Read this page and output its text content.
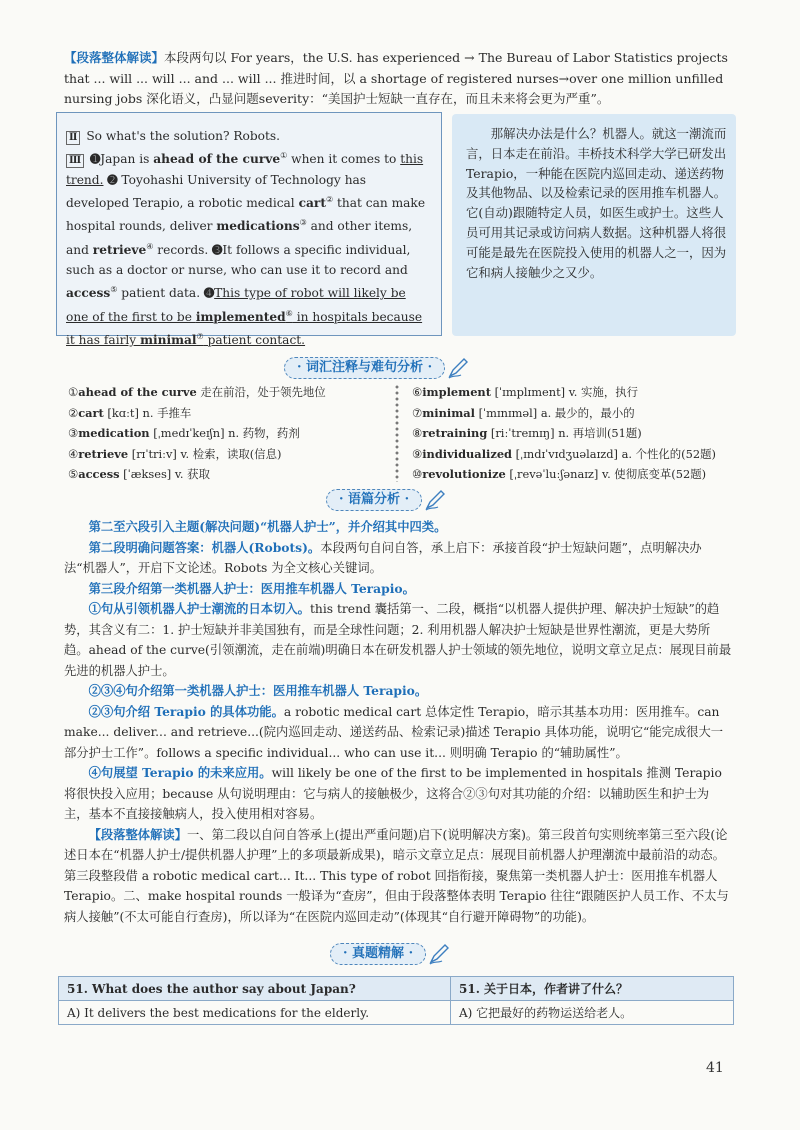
【段落整体解读】本段两句以 For years，the U.S. has experienced → The Bureau of Labor Statistics projects that ... will ... will ... and ... will ... 推进时间，以 a shortage of registered nurses→over one million unfilled nursing jobs 深化语义，凸显问题severity：“美国护士短缺一直存在，而且未来将会更为严重”。
Ⅱ So what's the solution? Robots.
Ⅲ ➊Japan is ahead of the curve① when it comes to this trend. ➋ Toyohashi University of Technology has developed Terapio, a robotic medical cart② that can make hospital rounds, deliver medications③ and other items, and retrieve④ records. ➌It follows a specific individual, such as a doctor or nurse, who can use it to record and access⑤ patient data. ➍This type of robot will likely be one of the first to be implemented⑥ in hospitals because it has fairly minimal⑦ patient contact.
那解决办法是什么？机器人。就这一潮流而言，日本走在前沿。丰桥技术科学大学已研发出 Terapio，一种能在医院内巡回走动、递送药物及其他物品、以及检索记录的医用推车机器人。它(自动)跟随特定人员，如医生或护士。这些人员可用其记录或访问病人数据。这种机器人将很可能是最先在医院投入使用的机器人之一，因为它和病人接触少之又少。
· 词汇注释与难句分析 ·
①ahead of the curve 走在前沿，处于领先地位
②cart [kɑːt] n. 手推车
③medication [ˌmedɪˈkeɪʃn] n. 药物，药剂
④retrieve [rɪˈtriːv] v. 检索，读取(信息)
⑤access [ˈækses] v. 获取
⑥implement [ˈɪmplɪment] v. 实施，执行
⑦minimal [ˈmɪnɪməl] a. 最少的，最小的
⑧retraining [riːˈtreɪnɪŋ] n. 再培训(51题)
⑨individualized [ˌɪndɪˈvɪdʒuəlaɪzd] a. 个性化的(52题)
⑩revolutionize [ˌrevəˈluːʃənaɪz] v. 使彻底变革(52题)
· 语篇分析 ·

第二至六段引入主题(解决问题)“机器人护士”，并介绍其中四类。

第二段明确问题答案：机器人(Robots)。本段两句自问自答，承上启下：承接首段“护士短缺问题”，点明解决办法“机器人”，开启下文论述。Robots 为全文核心关键词。

第三段介绍第一类机器人护士：医用推车机器人 Terapio。

①句从引领机器人护士潮流的日本切入。this trend 囊括第一、二段，概指“以机器人提供护理、解决护士短缺”的趋势，其含义有二：1. 护士短缺并非美国独有，而是全球性问题；2. 利用机器人解决护士短缺是世界性潮流，更是大势所趋。ahead of the curve(引领潮流，走在前端)明确日本在研发机器人护士领域的领先地位，说明文章立足点：展现目前最先进的机器人护士。

②③④句介绍第一类机器人护士：医用推车机器人 Terapio。

②③句介绍 Terapio 的具体功能。a robotic medical cart 总体定性 Terapio，暗示其基本功用：医用推车。can make... deliver... and retrieve...(院内巡回走动、递送药品、检索记录)描述 Terapio 具体功能，说明它“能完成很大一部分护士工作”。follows a specific individual... who can use it... 则明确 Terapio 的“辅助属性”。

④句展望 Terapio 的未来应用。will likely be one of the first to be implemented in hospitals 推测 Terapio 将很快投入应用；because 从句说明理由：它与病人的接触极少，这将合②③句对其功能的介绍：以辅助医生和护士为主，基本不直接接触病人，投入使用相对容易。

【段落整体解读】一、第二段以自问自答承上(提出严重问题)启下(说明解决方案)。第三段首句实则统率第三至六段(论述日本在“机器人护士/提供机器人护理”上的多项最新成果)，暗示文章立足点：展现目前机器人护理潮流中最前沿的动态。第三段整段借 a robotic medical cart... It... This type of robot 回指衔接，聚焦第一类机器人护士：医用推车机器人 Terapio。二、make hospital rounds 一般译为“查房”，但由于段落整体表明 Terapio 往往“跟随医护人员工作、不太与病人接触”(不太可能自行查房)，所以译为“在医院内巡回走动”(体现其“自行避开障碍物”的功能)。

· 真题精解 ·
51. What does the author say about Japan?	51. 关于日本，作者讲了什么？
A) It delivers the best medications for the elderly.	A) 它把最好的药物运送给老人。
41
